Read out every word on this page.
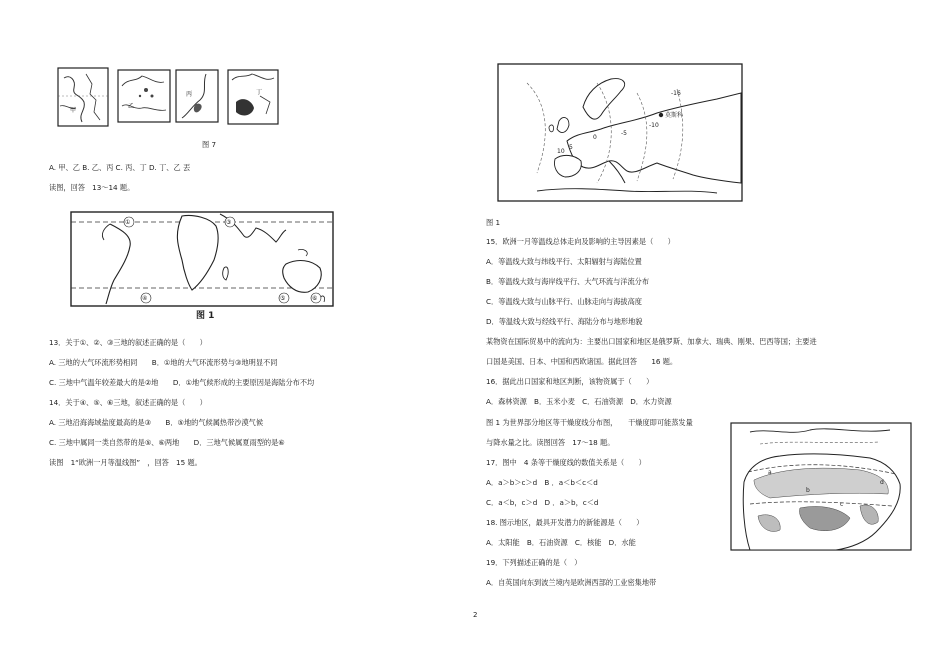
甲
乙
丙	丁
图 7
A. 甲、乙 B. 乙、丙 C. 丙、丁 D. 丁、乙 丟
读图，回答　13～14 题。
①	③
④	⑤	⑥
图 1
13．关于①、②、③三地的叙述正确的是（　　）
A. 三地的大气环流形势相同　　B．①地的大气环流形势与③地明显不同
C. 三地中气温年较差最大的是②地　　D．①地气候形成的主要原因是海陆分布不均
14．关于④、⑤、⑥三地，叙述正确的是（　　）
A. 三地沿海海域盐度最高的是③　　B．⑤地的气候属热带沙漠气候
C. 三地中属同一类自然带的是⑤、⑥两地　　D．三地气候属夏雨型的是⑥
读图　1“欧洲一月等温线图”　，回答　15 题。
-16
-10
-5
0
5
10
莫斯科
图 1
15．欧洲一月等温线总体走向及影响的主导因素是（　　）
A．等温线大致与纬线平行、太阳辐射与海陆位置
B．等温线大致与海岸线平行、大气环流与洋流分布
C．等温线大致与山脉平行、山脉走向与海拔高度
D．等温线大致与经线平行、海陆分布与地形地貌
某物资在国际贸易中的流向为：主要出口国家和地区是俄罗斯、加拿大、瑞典、刚果、巴西等国；主要进
口国是美国、日本、中国和西欧诸国。据此回答　　16 题。
16．据此出口国家和地区判断，该物资属于（　　）
A．森林资源　B．玉米小麦　C．石油资源　D．水力资源
图 1 为世界部分地区等干燥度线分布图，　　干燥度即可能蒸发量
与降水量之比。读图回答　17～18 题。
17．图中　4 条等干燥度线的数值关系是（　　）
A．a＞b＞c＞d　B ．a＜b＜c＜d
C．a＜b，c＞d　D ．a＞b，c＜d
18. 图示地区，最具开发潜力的新能源是（　　）
A．太阳能　B．石油资源　C．核能　D．水能
19．下列描述正确的是（　）
A．自英国向东到波兰境内是欧洲西部的工业密集地带
a
b
c
d
2
